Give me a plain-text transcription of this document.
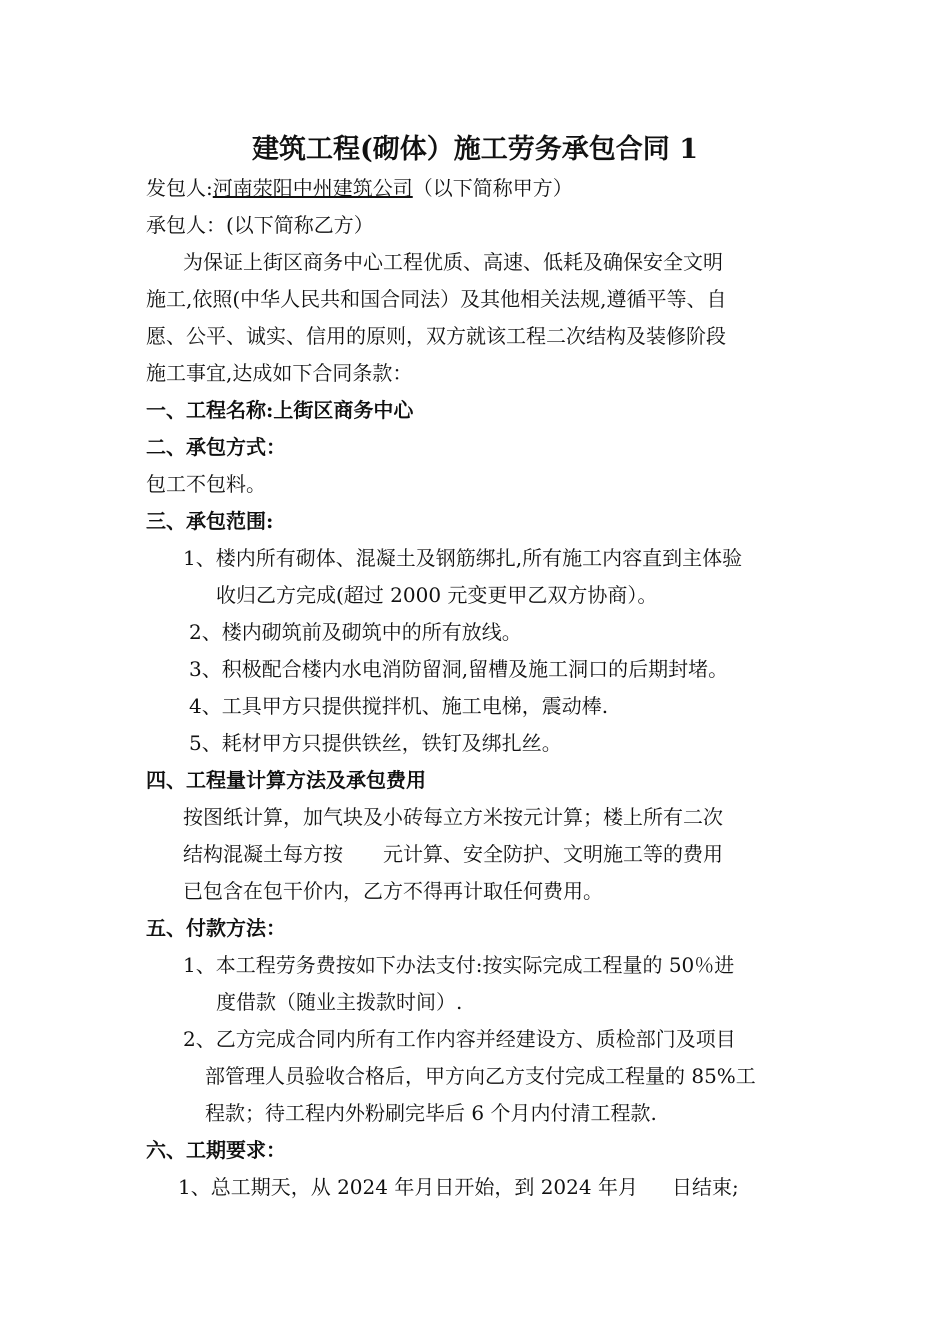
建筑工程(砌体）施工劳务承包合同 1
发包人:河南荥阳中州建筑公司（以下简称甲方）
承包人：(以下简称乙方）
为保证上街区商务中心工程优质、高速、低耗及确保安全文明
施工,依照(中华人民共和国合同法）及其他相关法规,遵循平等、自
愿、公平、诚实、信用的原则，双方就该工程二次结构及装修阶段
施工事宜,达成如下合同条款：
一、工程名称:上街区商务中心
二、承包方式：
包工不包料。
三、承包范围:
1、楼内所有砌体、混凝土及钢筋绑扎,所有施工内容直到主体验
收归乙方完成(超过 2000 元变更甲乙双方协商）。
2、楼内砌筑前及砌筑中的所有放线。
3、积极配合楼内水电消防留洞,留槽及施工洞口的后期封堵。
4、工具甲方只提供搅拌机、施工电梯，震动棒.
5、耗材甲方只提供铁丝，铁钉及绑扎丝。
四、工程量计算方法及承包费用
按图纸计算，加气块及小砖每立方米按元计算；楼上所有二次
结构混凝土每方按 元计算、安全防护、文明施工等的费用
已包含在包干价内，乙方不得再计取任何费用。
五、付款方法：
1、本工程劳务费按如下办法支付:按实际完成工程量的 50％进
度借款（随业主拨款时间）.
2、乙方完成合同内所有工作内容并经建设方、质检部门及项目
部管理人员验收合格后，甲方向乙方支付完成工程量的 85%工
程款；待工程内外粉刷完毕后 6 个月内付清工程款.
六、工期要求：
1、总工期天，从 2024 年月日开始，到 2024 年月 日结束;
